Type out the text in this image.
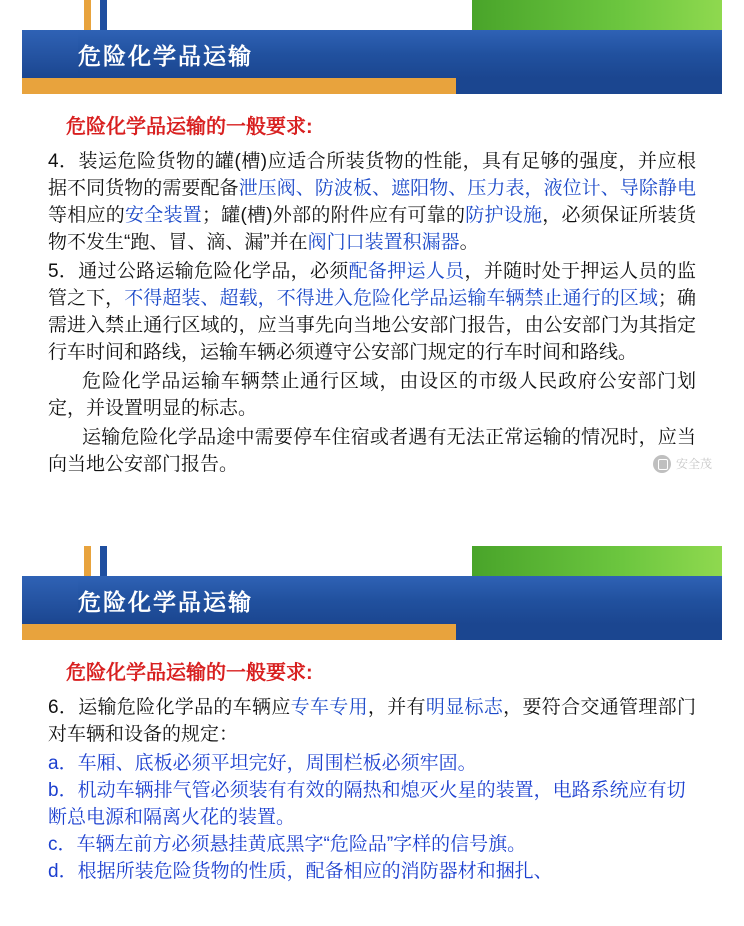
危险化学品运输
危险化学品运输的一般要求:

4．装运危险货物的罐(槽)应适合所装货物的性能，具有足够的强度，并应根据不同货物的需要配备泄压阀、防波板、遮阳物、压力表，液位计、导除静电等相应的安全装置；罐(槽)外部的附件应有可靠的防护设施，必须保证所装货物不发生“跑、冒、滴、漏”并在阀门口装置积漏器。

5．通过公路运输危险化学品，必须配备押运人员，并随时处于押运人员的监管之下，不得超装、超载，不得进入危险化学品运输车辆禁止通行的区域；确需进入禁止通行区域的，应当事先向当地公安部门报告，由公安部门为其指定行车时间和路线，运输车辆必须遵守公安部门规定的行车时间和路线。

危险化学品运输车辆禁止通行区域，由设区的市级人民政府公安部门划定，并设置明显的标志。

运输危险化学品途中需要停车住宿或者遇有无法正常运输的情况时，应当向当地公安部门报告。	安全茂
危险化学品运输
危险化学品运输的一般要求:

6．运输危险化学品的车辆应专车专用，并有明显标志，要符合交通管理部门对车辆和设备的规定：

a．车厢、底板必须平坦完好，周围栏板必须牢固。

b．机动车辆排气管必须装有有效的隔热和熄灭火星的装置，电路系统应有切断总电源和隔离火花的装置。

c．车辆左前方必须悬挂黄底黑字“危险品”字样的信号旗。

d．根据所装危险货物的性质，配备相应的消防器材和捆扎、
